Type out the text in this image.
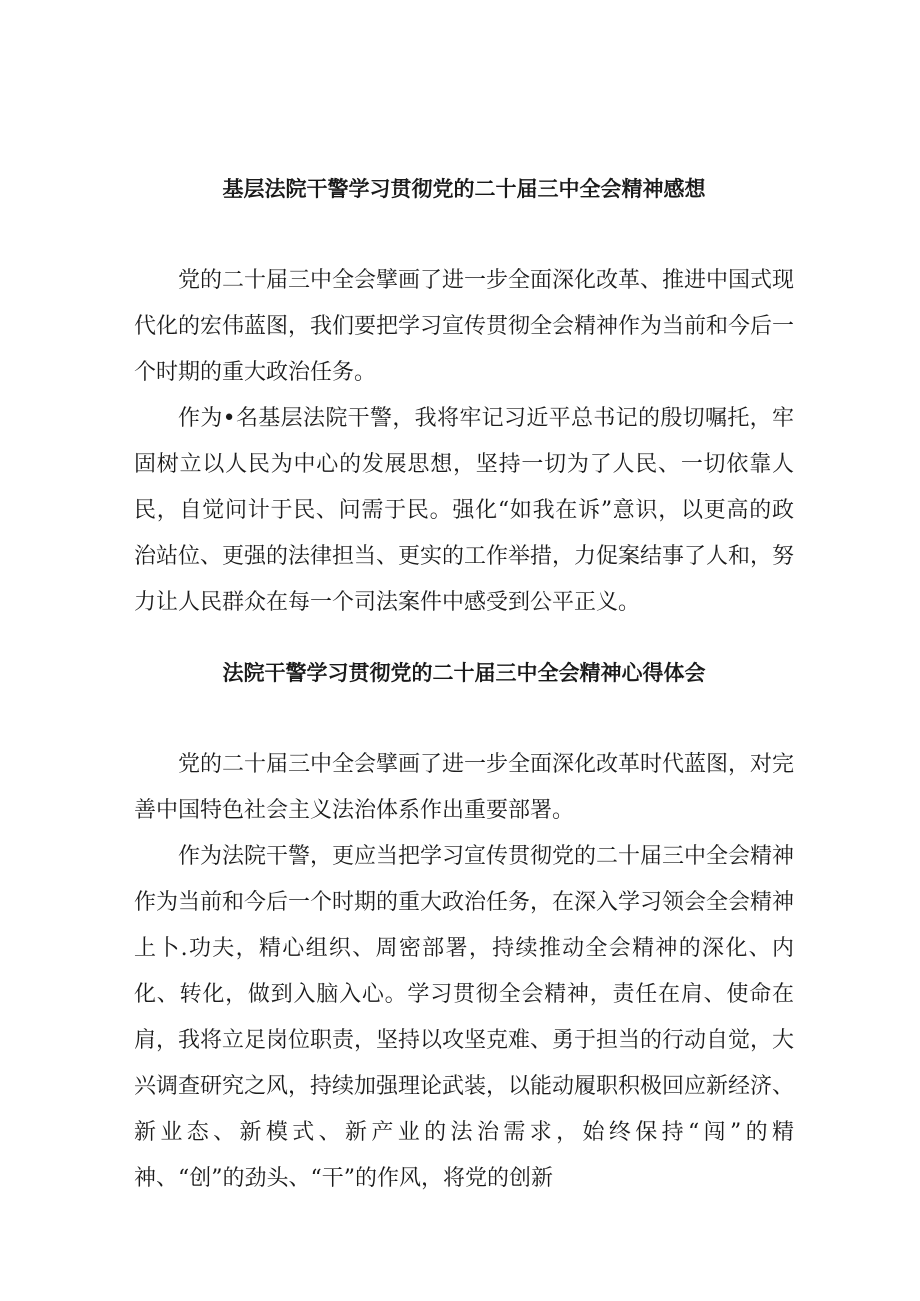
基层法院干警学习贯彻党的二十届三中全会精神感想

党的二十届三中全会擘画了进一步全面深化改革、推进中国式现代化的宏伟蓝图，我们要把学习宣传贯彻全会精神作为当前和今后一个时期的重大政治任务。

作为•名基层法院干警，我将牢记习近平总书记的殷切嘱托，牢固树立以人民为中心的发展思想，坚持一切为了人民、一切依靠人民，自觉问计于民、问需于民。强化“如我在诉”意识，以更高的政治站位、更强的法律担当、更实的工作举措，力促案结事了人和，努力让人民群众在每一个司法案件中感受到公平正义。

法院干警学习贯彻党的二十届三中全会精神心得体会

党的二十届三中全会擘画了进一步全面深化改革时代蓝图，对完善中国特色社会主义法治体系作出重要部署。

作为法院干警，更应当把学习宣传贯彻党的二十届三中全会精神作为当前和今后一个时期的重大政治任务，在深入学习领会全会精神上卜.功夫，精心组织、周密部署，持续推动全会精神的深化、内化、转化，做到入脑入心。学习贯彻全会精神，责任在肩、使命在肩，我将立足岗位职责，坚持以攻坚克难、勇于担当的行动自觉，大兴调查研究之风，持续加强理论武装，以能动履职积极回应新经济、新业态、新模式、新产业的法治需求，始终保持“闯”的精神、“创”的劲头、“干”的作风，将党的创新
